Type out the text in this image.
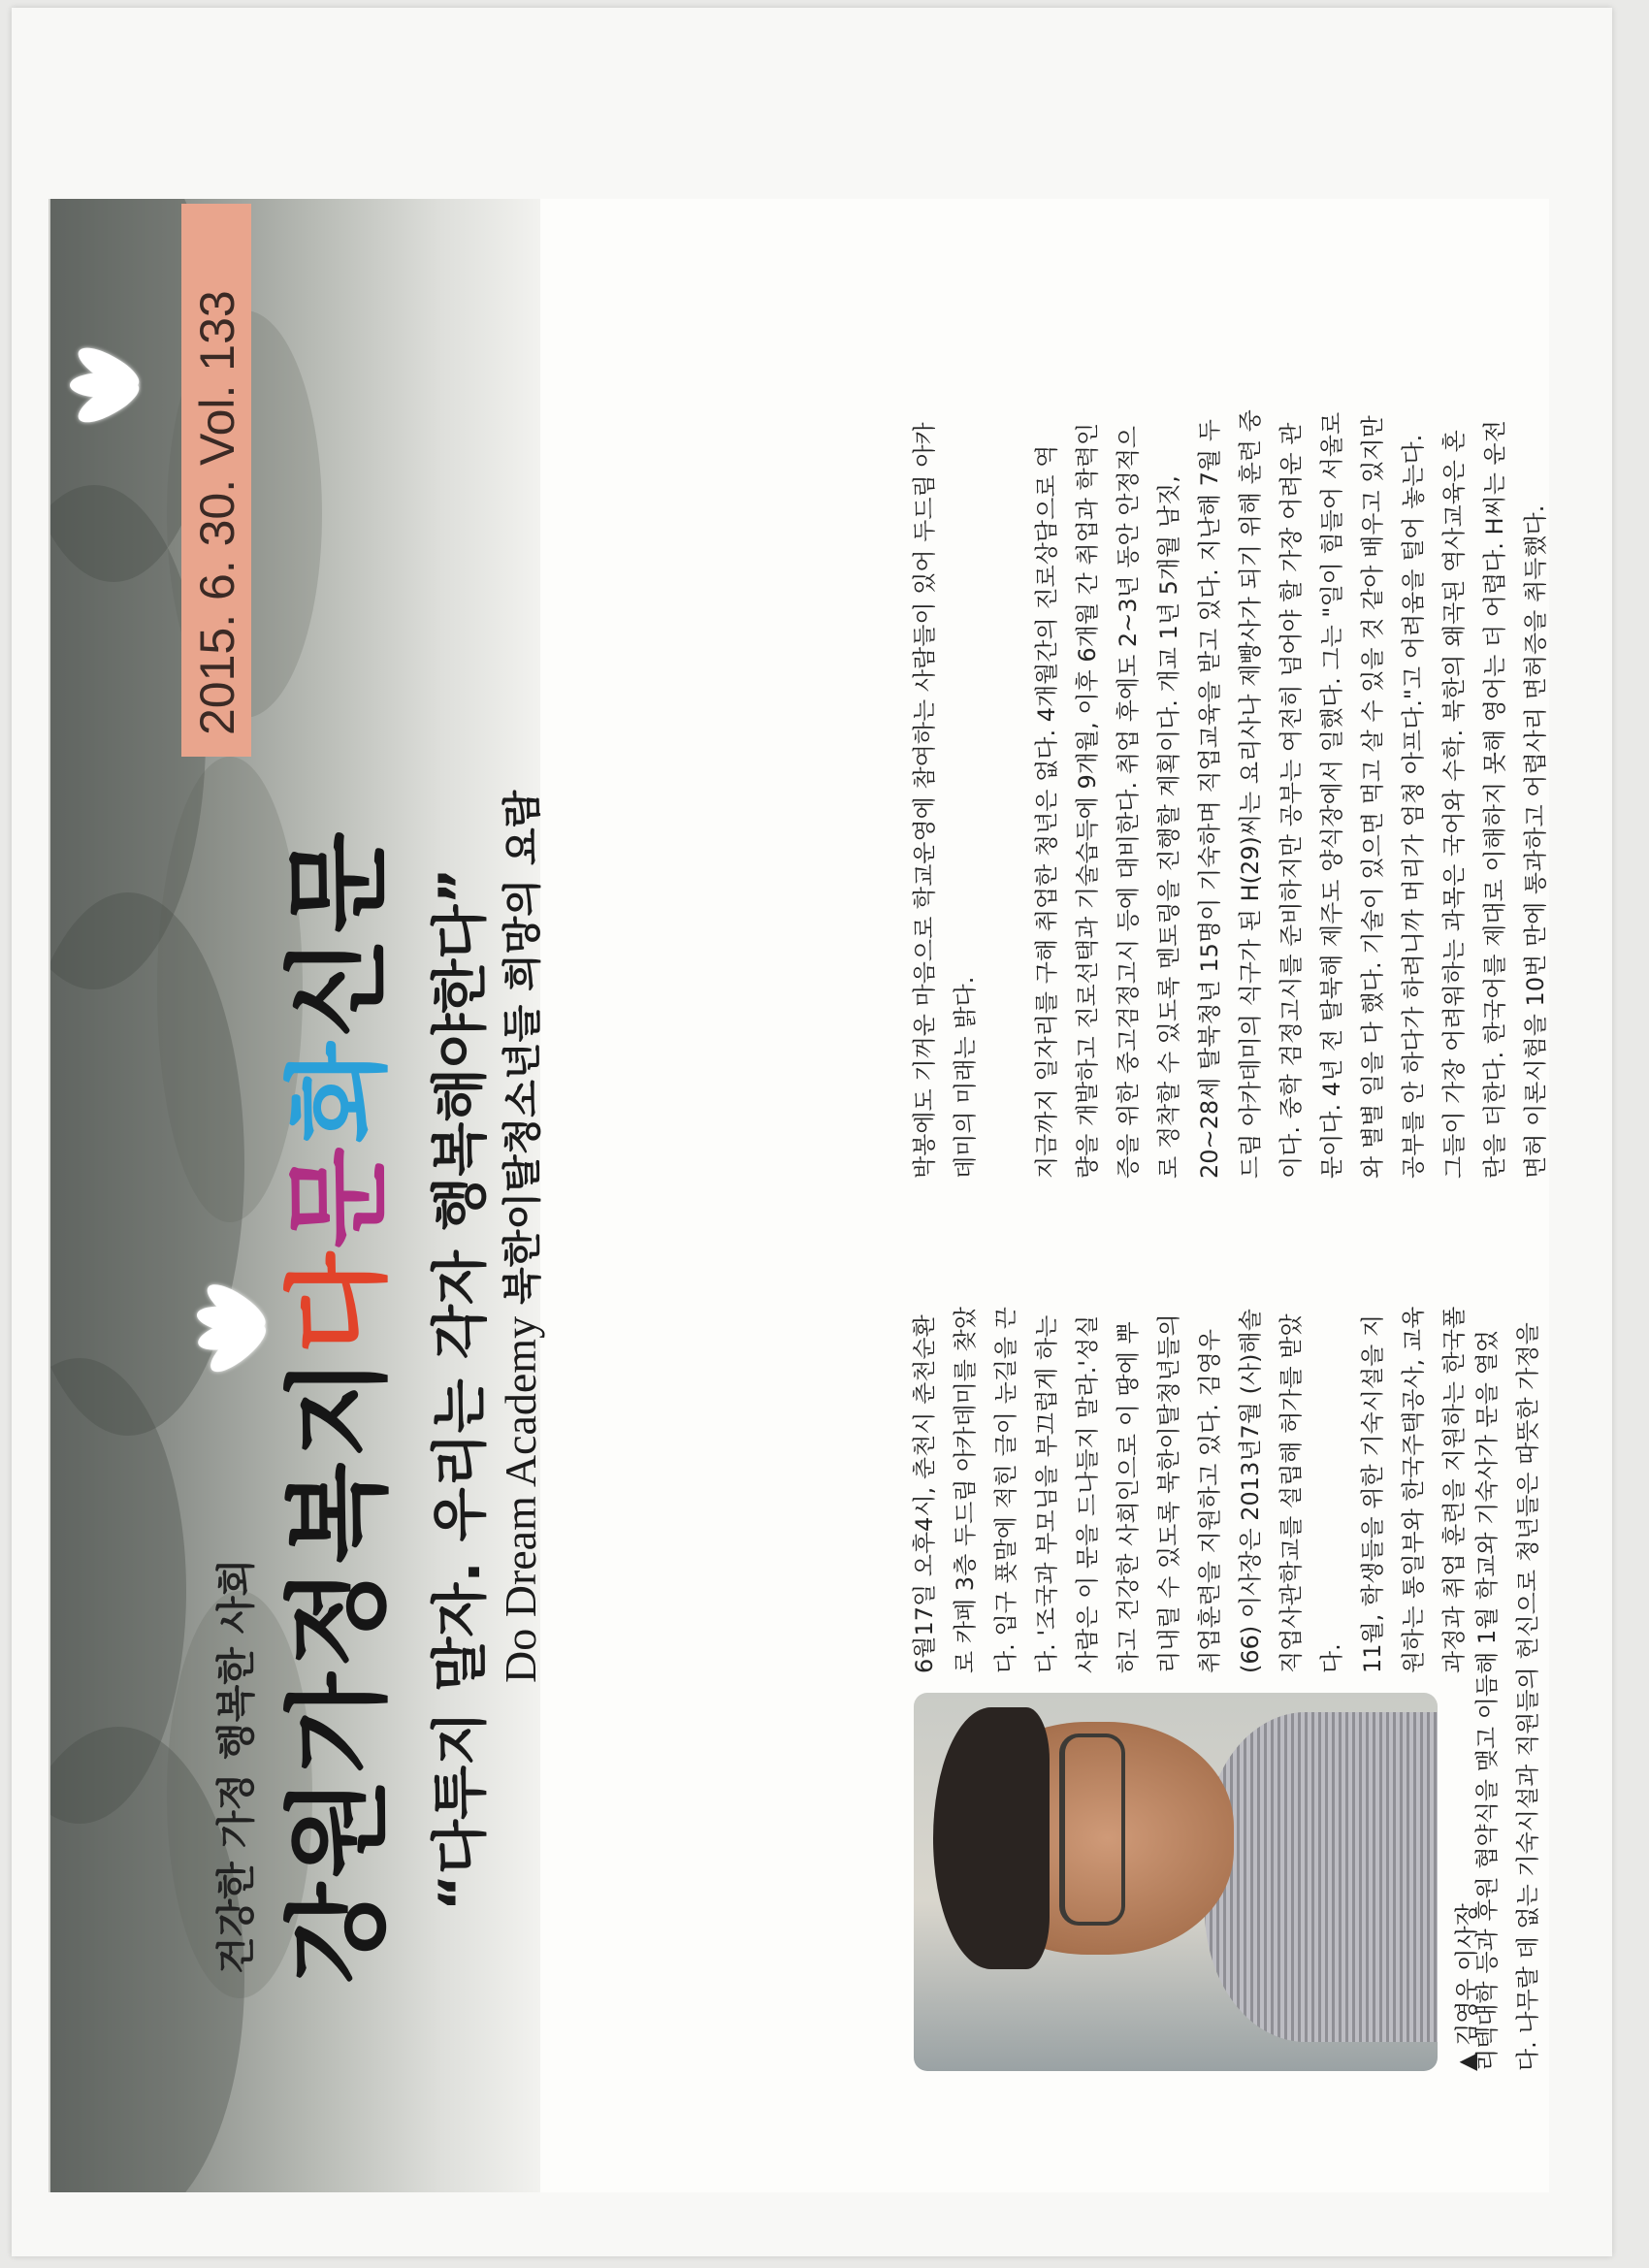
2015. 6. 30. Vol. 133
건강한 가정 행복한 사회 강원가정복지다문화신문 “다투지 말자. 우리는 각자 행복해야한다” Do Dream Academy북한이탈청소년들 희망의 요람
▲ 김영우 이사장

6월17일 오후4시, 춘천시 춘천순환 로 카페 3층 두드림 아카데미를 찾았 다. 입구 푯말에 적힌 글이 눈길을 끈 다. '조국과 부모님을 부끄럽게 하는 사람은 이 문을 드나들지 말라.'성실 하고 건강한 사회인으로 이 땅에 뿌 리내릴 수 있도록 북한이탈청년들의 취업훈련을 지원하고 있다. 김영우 (66) 이사장은 2013년7월 (사)해솔 직업사관학교를 설립해 허가를 받았 다. 11월, 학생들을 위한 기숙시설을 지 원하는 통일부와 한국주택공사, 교육 과정과 취업 훈련을 지원하는 한국폴

박봉에도 기꺼운 마음으로 학교운영에 참여하는 사람들이 있어 두드림 아카 데미의 미래는 밝다.

지금까지 일자리를 구해 취업한 청년은 없다. 4개월간의 진로상담으로 역 량을 개발하고 진로선택과 기술습득에 9개월, 이후 6개월 간 취업과 학력인 증을 위한 중고검정고시 등에 대비한다. 취업 후에도 2~3년 동안 안정적으 로 정착할 수 있도록 멘토링을 진행할 계획이다. 개교 1년 5개월 남짓, 20~28세 탈북청년 15명이 기숙하며 직업교육을 받고 있다. 지난해 7월 두 드림 아카데미의 식구가 된 H(29)씨는 요리사나 제빵사가 되기 위해 훈련 중 이다. 중학 검정고시를 준비하지만 공부는 여전히 넘어야 할 가장 어려운 관 문이다. 4년 전 탈북해 제주도 양식장에서 일했다. 그는 "일이 힘들어 서울로 와 별별 일을 다 했다. 기술이 있으면 먹고 살 수 있을 것 같아 배우고 있지만 공부를 안 하다가 하려니까 머리가 엄청 아프다."고 어려움을 털어 놓는다. 그들이 가장 어려워하는 과목은 국어와 수학. 북한의 왜곡된 역사교육은 혼 란을 더한다. 한국어를 제대로 이해하지 못해 영어는 더 어렵다. H씨는 운전 면허 이론시험을 10번 만에 통과하고 어렵사리 면허증을 취득했다.

리텍대학 등과 후원 협약식을 맺고 이듬해 1월 학교와 기숙사가 문을 열었 다. 나무랄 데 없는 기숙시설과 직원들의 헌신으로 청년들은 따뜻한 가정을
